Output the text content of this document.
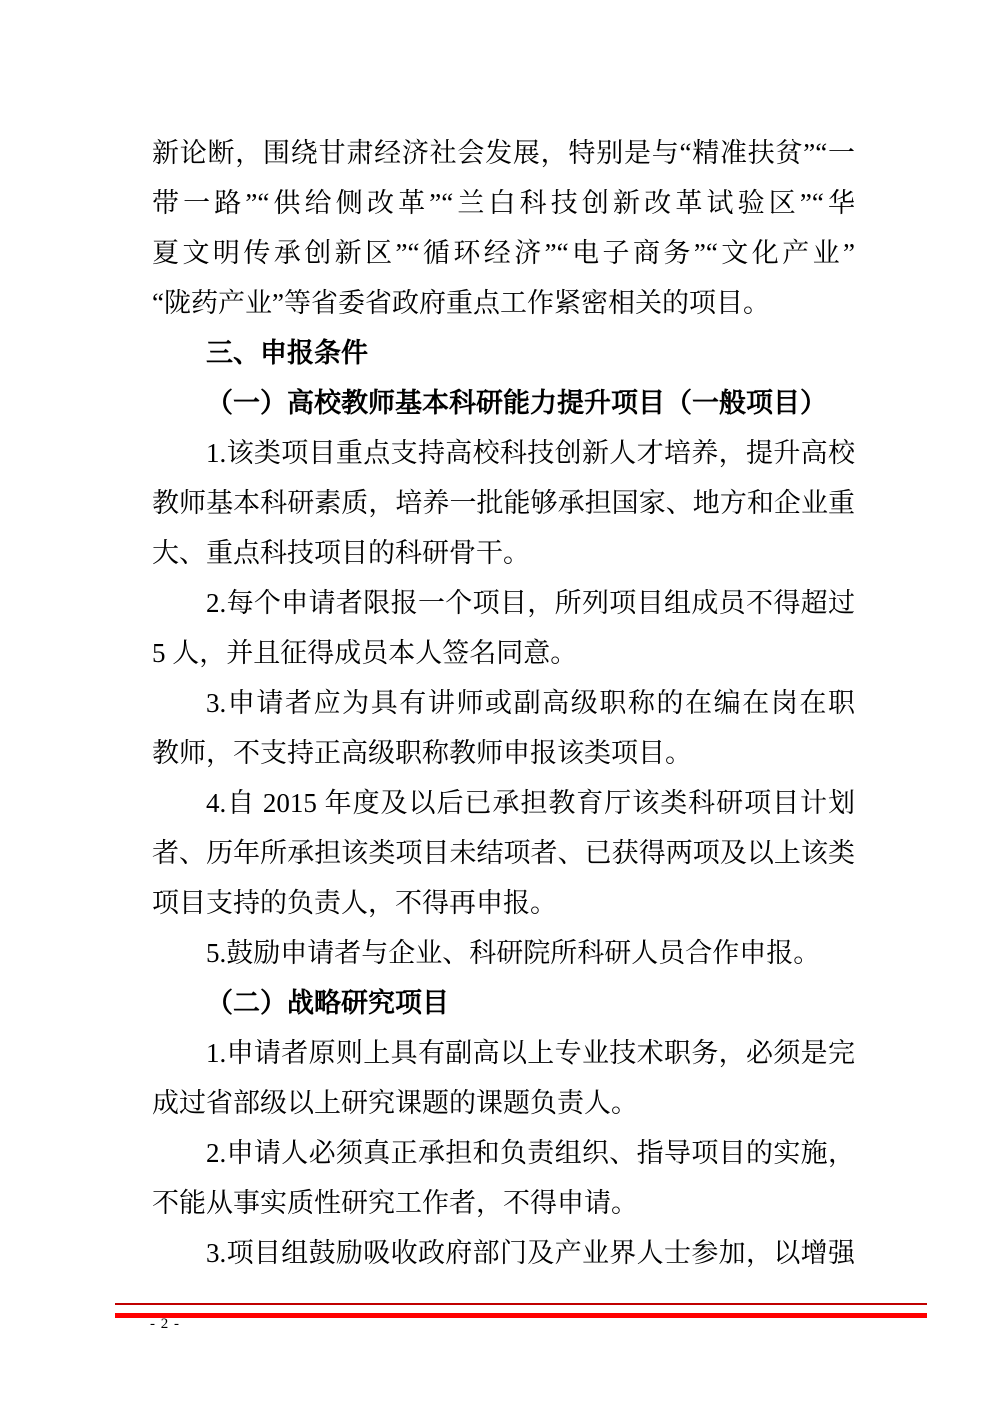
新论断，围绕甘肃经济社会发展，特别是与“精准扶贫”“一
带一路”“供给侧改革”“兰白科技创新改革试验区”“华
夏文明传承创新区”“循环经济”“电子商务”“文化产业”
“陇药产业”等省委省政府重点工作紧密相关的项目。
三、申报条件
（一）高校教师基本科研能力提升项目（一般项目）
1.该类项目重点支持高校科技创新人才培养，提升高校
教师基本科研素质，培养一批能够承担国家、地方和企业重
大、重点科技项目的科研骨干。
2.每个申请者限报一个项目，所列项目组成员不得超过
5 人，并且征得成员本人签名同意。
3.申请者应为具有讲师或副高级职称的在编在岗在职
教师，不支持正高级职称教师申报该类项目。
4.自 2015 年度及以后已承担教育厅该类科研项目计划
者、历年所承担该类项目未结项者、已获得两项及以上该类
项目支持的负责人，不得再申报。
5.鼓励申请者与企业、科研院所科研人员合作申报。
（二）战略研究项目
1.申请者原则上具有副高以上专业技术职务，必须是完
成过省部级以上研究课题的课题负责人。
2.申请人必须真正承担和负责组织、指导项目的实施，
不能从事实质性研究工作者，不得申请。
3.项目组鼓励吸收政府部门及产业界人士参加，以增强
- 2 -
